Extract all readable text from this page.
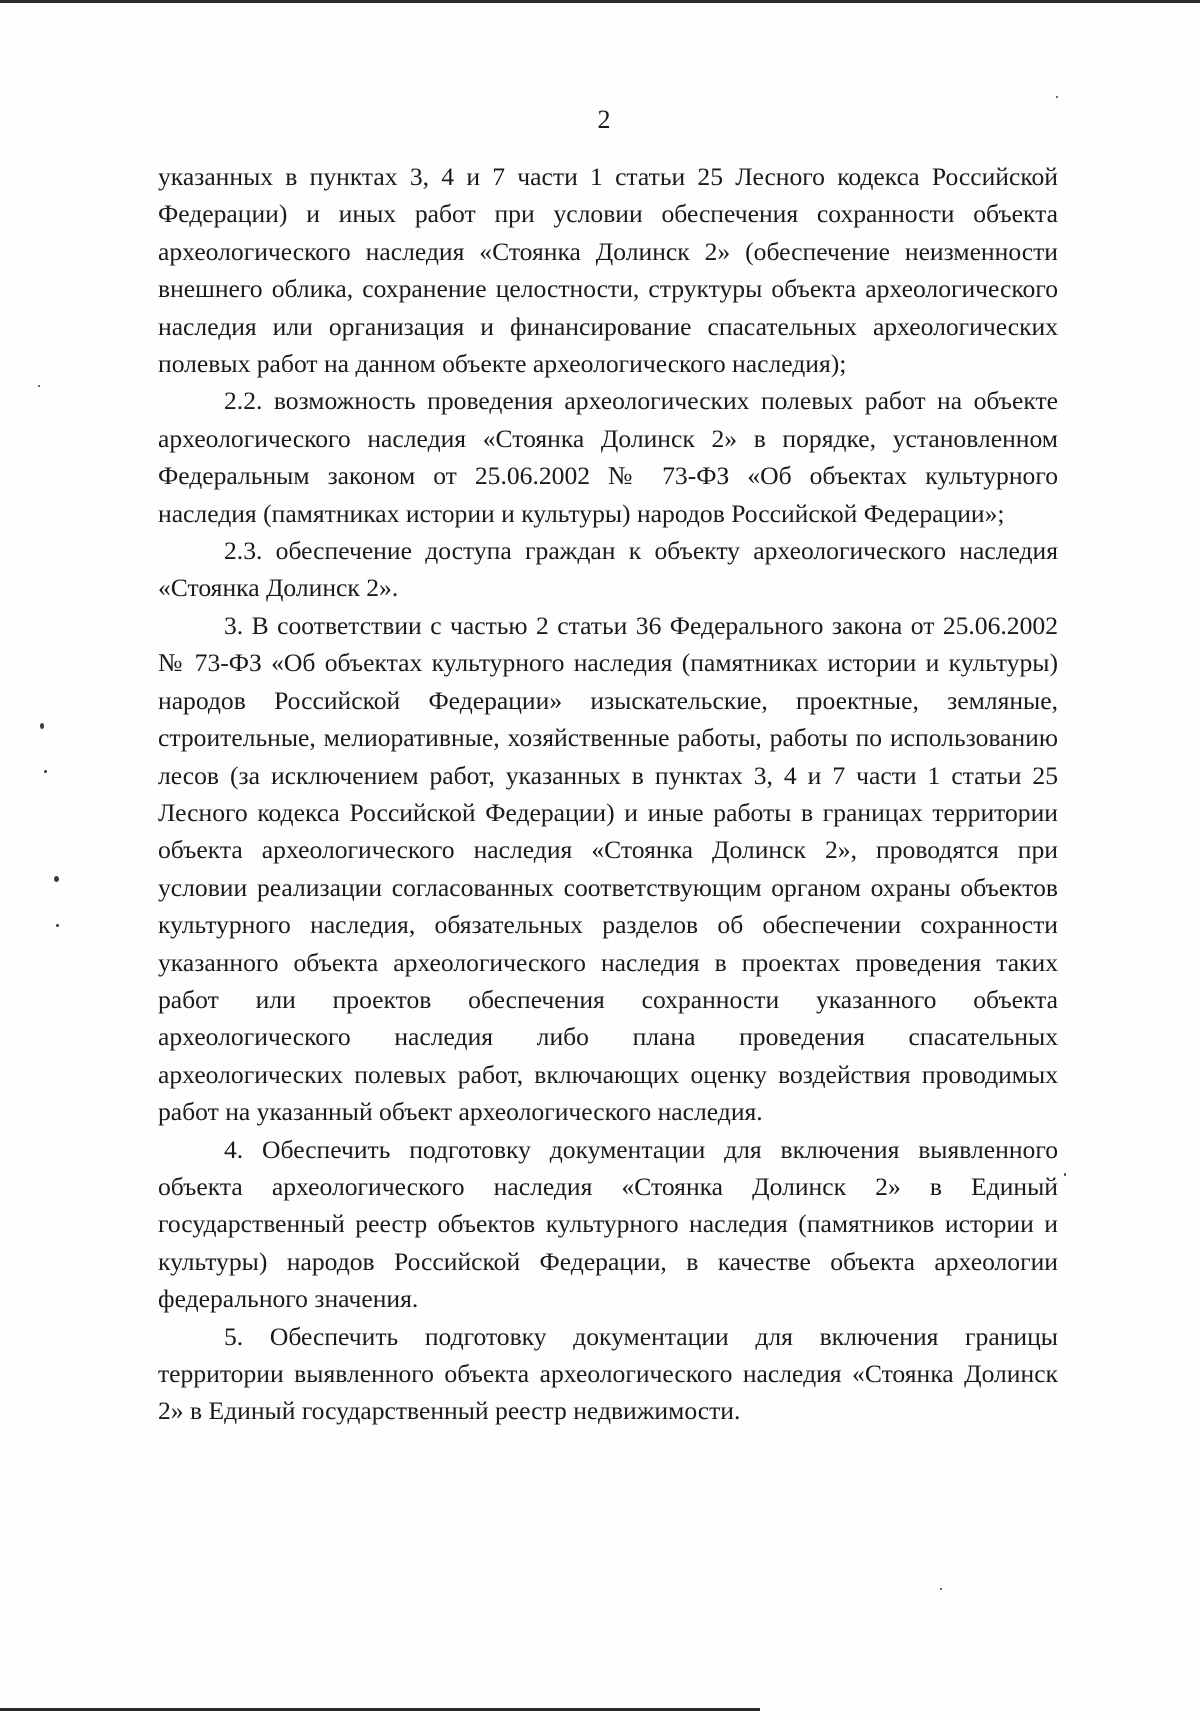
2

указанных в пунктах 3, 4 и 7 части 1 статьи 25 Лесного кодекса Российской Федерации) и иных работ при условии обеспечения сохранности объекта археологического наследия «Стоянка Долинск 2» (обеспечение неизменности внешнего облика, сохранение целостности, структуры объекта археологического наследия или организация и финансирование спасательных археологических полевых работ на данном объекте археологического наследия);

2.2. возможность проведения археологических полевых работ на объекте археологического наследия «Стоянка Долинск 2» в порядке, установленном Федеральным законом от 25.06.2002 № 73-ФЗ «Об объектах культурного наследия (памятниках истории и культуры) народов Российской Федерации»;

2.3. обеспечение доступа граждан к объекту археологического наследия «Стоянка Долинск 2».

3. В соответствии с частью 2 статьи 36 Федерального закона от 25.06.2002 № 73-ФЗ «Об объектах культурного наследия (памятниках истории и культуры) народов Российской Федерации» изыскательские, проектные, земляные, строительные, мелиоративные, хозяйственные работы, работы по использованию лесов (за исключением работ, указанных в пунктах 3, 4 и 7 части 1 статьи 25 Лесного кодекса Российской Федерации) и иные работы в границах территории объекта археологического наследия «Стоянка Долинск 2», проводятся при условии реализации согласованных соответствующим органом охраны объектов культурного наследия, обязательных разделов об обеспечении сохранности указанного объекта археологического наследия в проектах проведения таких работ или проектов обеспечения сохранности указанного объекта археологического наследия либо плана проведения спасательных археологических полевых работ, включающих оценку воздействия проводимых работ на указанный объект археологического наследия.

4. Обеспечить подготовку документации для включения выявленного объекта археологического наследия «Стоянка Долинск 2» в Единый государственный реестр объектов культурного наследия (памятников истории и культуры) народов Российской Федерации, в качестве объекта археологии федерального значения.

5. Обеспечить подготовку документации для включения границы территории выявленного объекта археологического наследия «Стоянка Долинск 2» в Единый государственный реестр недвижимости.
